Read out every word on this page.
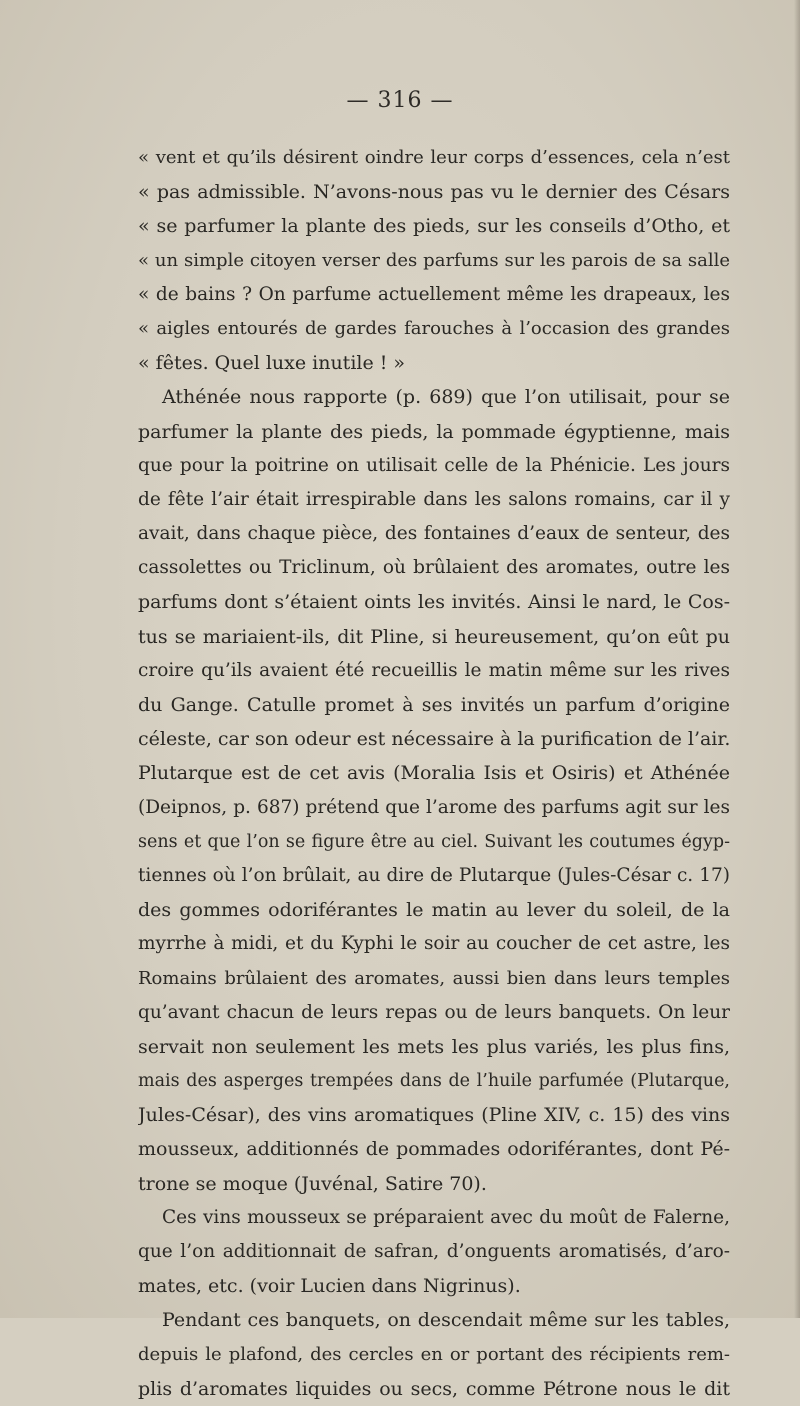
— 316 —
« vent et qu’ils désirent oindre leur corps d’essences, cela n’est
« pas admissible. N’avons-nous pas vu le dernier des Césars
« se parfumer la plante des pieds, sur les conseils d’Otho, et
« un simple citoyen verser des parfums sur les parois de sa salle
« de bains ? On parfume actuellement même les drapeaux, les
« aigles entourés de gardes farouches à l’occasion des grandes
« fêtes. Quel luxe inutile ! »
Athénée nous rapporte (p. 689) que l’on utilisait, pour se
parfumer la plante des pieds, la pommade égyptienne, mais
que pour la poitrine on utilisait celle de la Phénicie. Les jours
de fête l’air était irrespirable dans les salons romains, car il y
avait, dans chaque pièce, des fontaines d’eaux de senteur, des
cassolettes ou Triclinum, où brûlaient des aromates, outre les
parfums dont s’étaient oints les invités. Ainsi le nard, le Cos-
tus se mariaient-ils, dit Pline, si heureusement, qu’on eût pu
croire qu’ils avaient été recueillis le matin même sur les rives
du Gange. Catulle promet à ses invités un parfum d’origine
céleste, car son odeur est nécessaire à la purification de l’air.
Plutarque est de cet avis (Moralia Isis et Osiris) et Athénée
(Deipnos, p. 687) prétend que l’arome des parfums agit sur les
sens et que l’on se figure être au ciel. Suivant les coutumes égyp-
tiennes où l’on brûlait, au dire de Plutarque (Jules-César c. 17)
des gommes odoriférantes le matin au lever du soleil, de la
myrrhe à midi, et du Kyphi le soir au coucher de cet astre, les
Romains brûlaient des aromates, aussi bien dans leurs temples
qu’avant chacun de leurs repas ou de leurs banquets. On leur
servait non seulement les mets les plus variés, les plus fins,
mais des asperges trempées dans de l’huile parfumée (Plutarque,
Jules-César), des vins aromatiques (Pline XIV, c. 15) des vins
mousseux, additionnés de pommades odoriférantes, dont Pé-
trone se moque (Juvénal, Satire 70).
Ces vins mousseux se préparaient avec du moût de Falerne,
que l’on additionnait de safran, d’onguents aromatisés, d’aro-
mates, etc. (voir Lucien dans Nigrinus).
Pendant ces banquets, on descendait même sur les tables,
depuis le plafond, des cercles en or portant des récipients rem-
plis d’aromates liquides ou secs, comme Pétrone nous le dit
